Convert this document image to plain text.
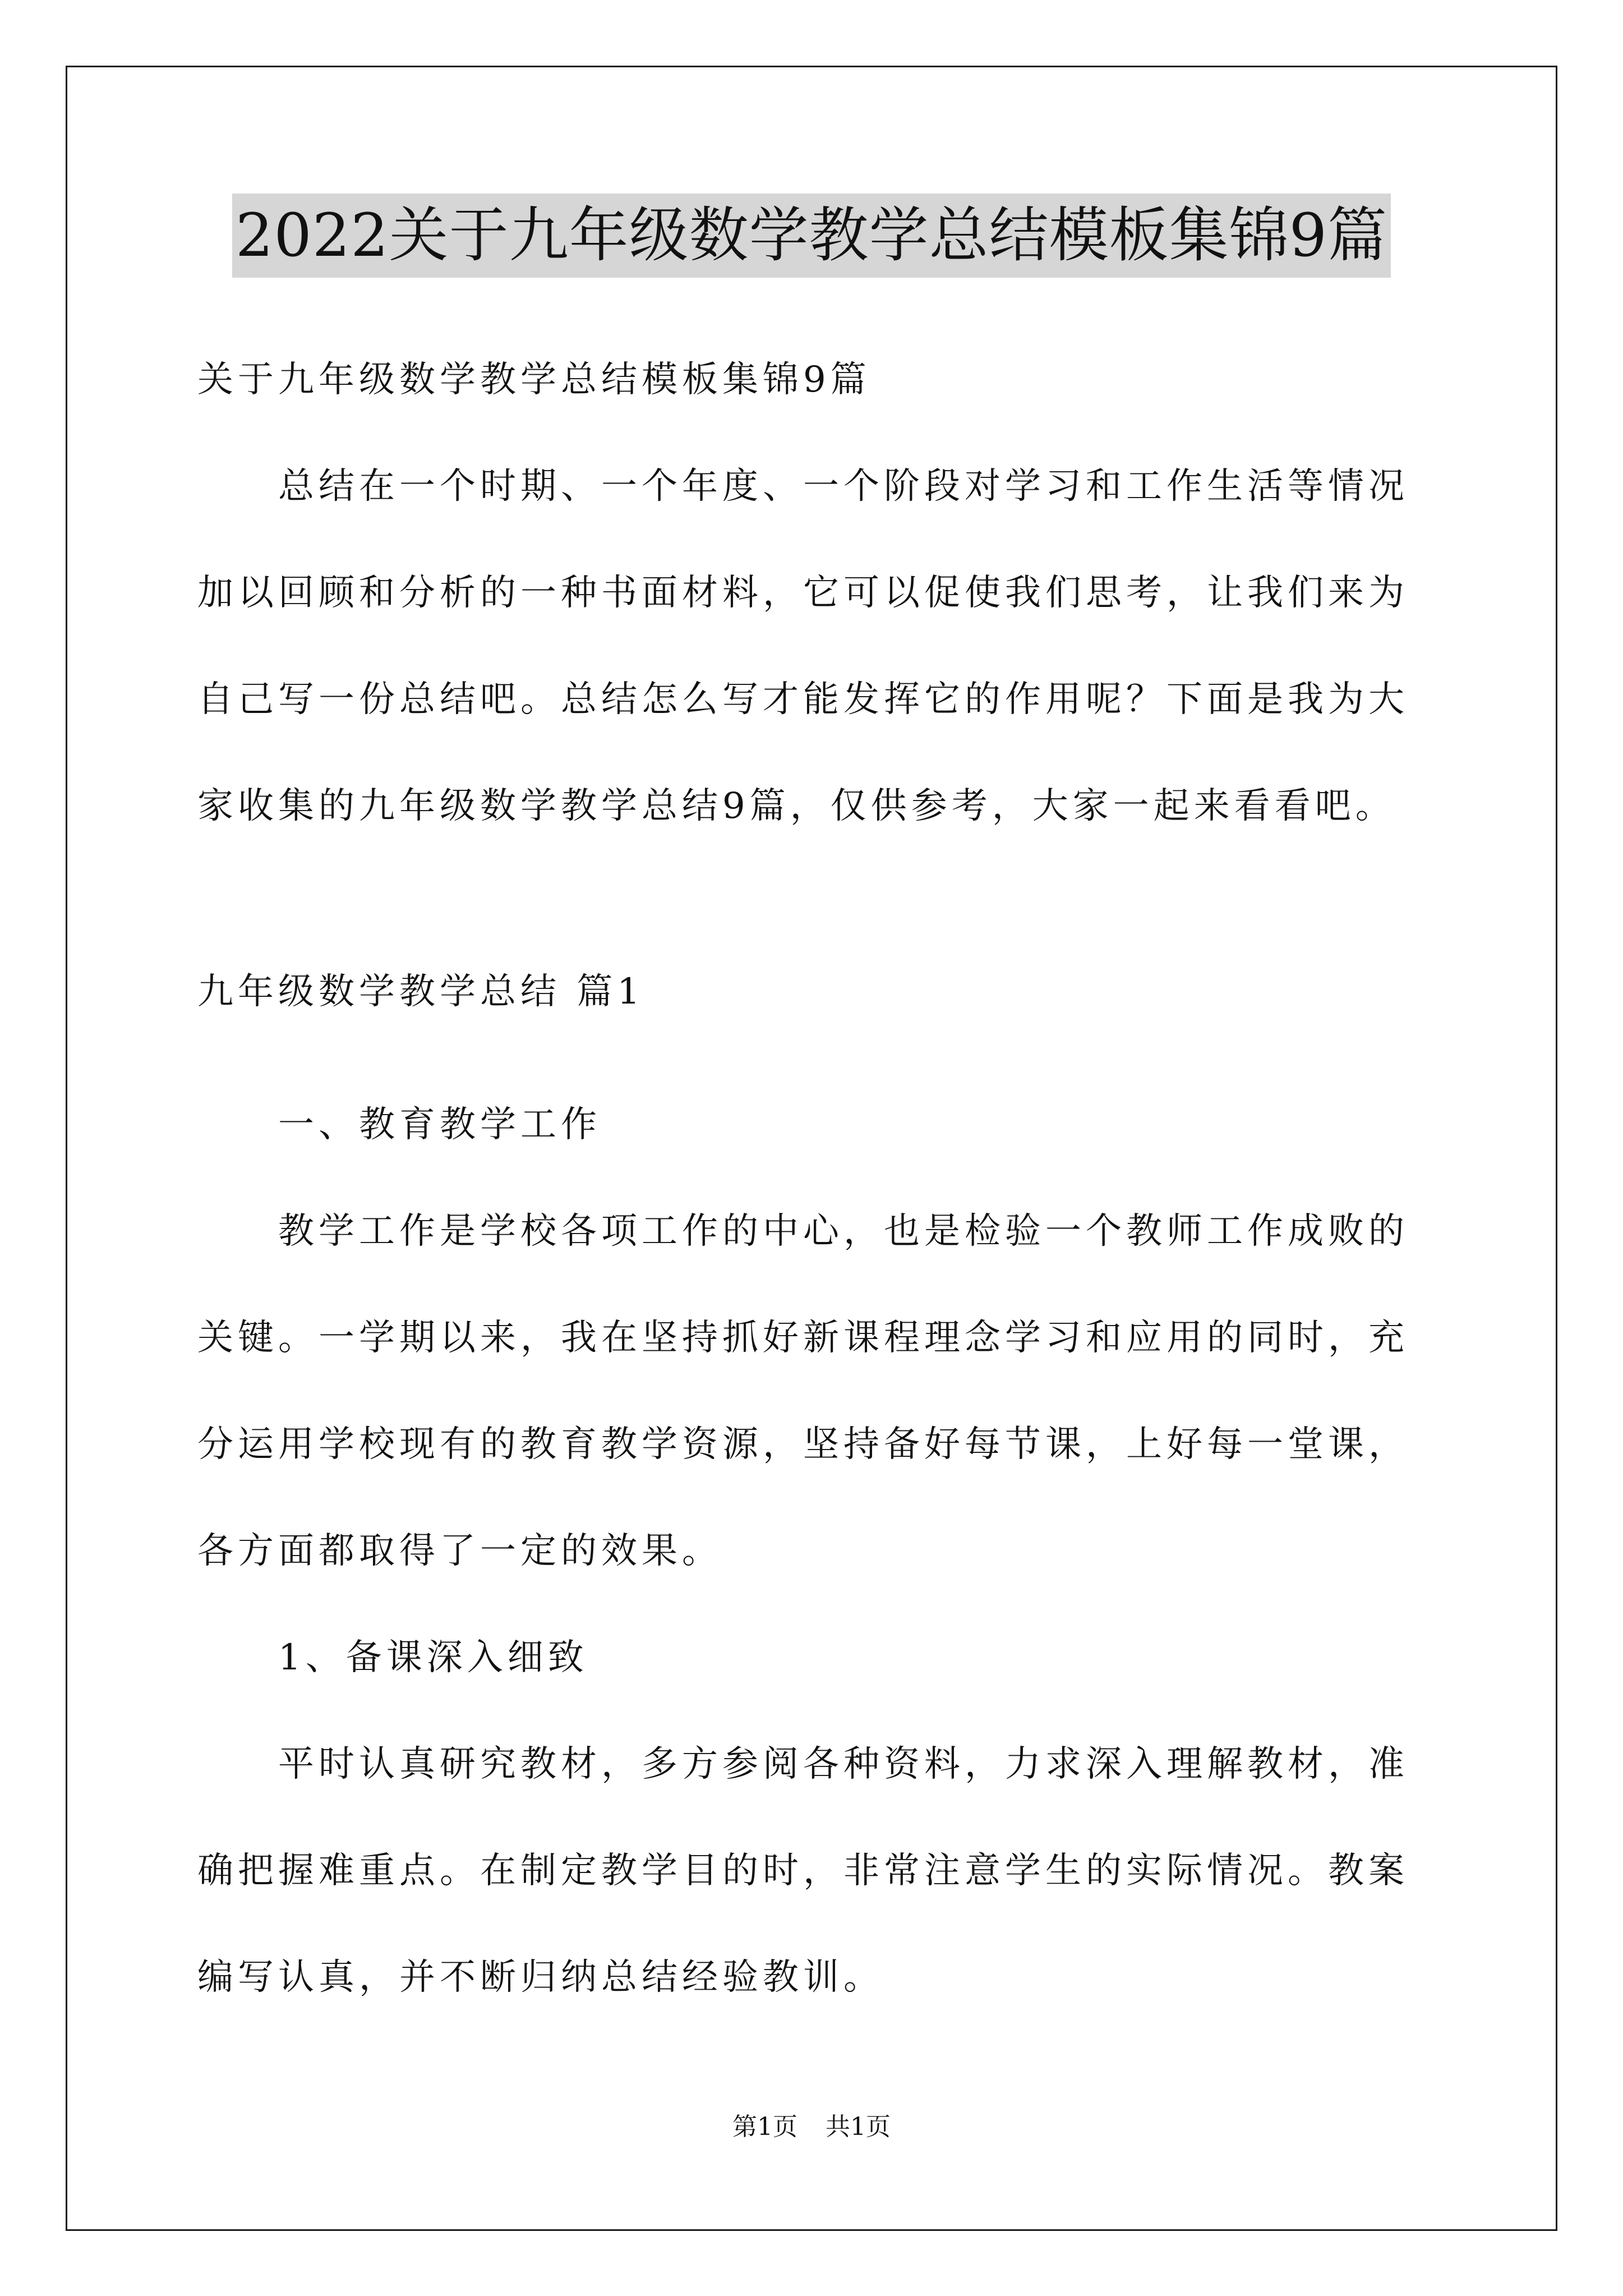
2022关于九年级数学教学总结模板集锦9篇
关于九年级数学教学总结模板集锦9篇
总结在一个时期、一个年度、一个阶段对学习和工作生活等情况
加以回顾和分析的一种书面材料，它可以促使我们思考，让我们来为
自己写一份总结吧。总结怎么写才能发挥它的作用呢？下面是我为大
家收集的九年级数学教学总结9篇，仅供参考，大家一起来看看吧。
九年级数学教学总结 篇1
一、教育教学工作
教学工作是学校各项工作的中心，也是检验一个教师工作成败的
关键。一学期以来，我在坚持抓好新课程理念学习和应用的同时，充
分运用学校现有的教育教学资源，坚持备好每节课，上好每一堂课，
各方面都取得了一定的效果。
1、备课深入细致
平时认真研究教材，多方参阅各种资料，力求深入理解教材，准
确把握难重点。在制定教学目的时，非常注意学生的实际情况。教案
编写认真，并不断归纳总结经验教训。
第1页 共1页
